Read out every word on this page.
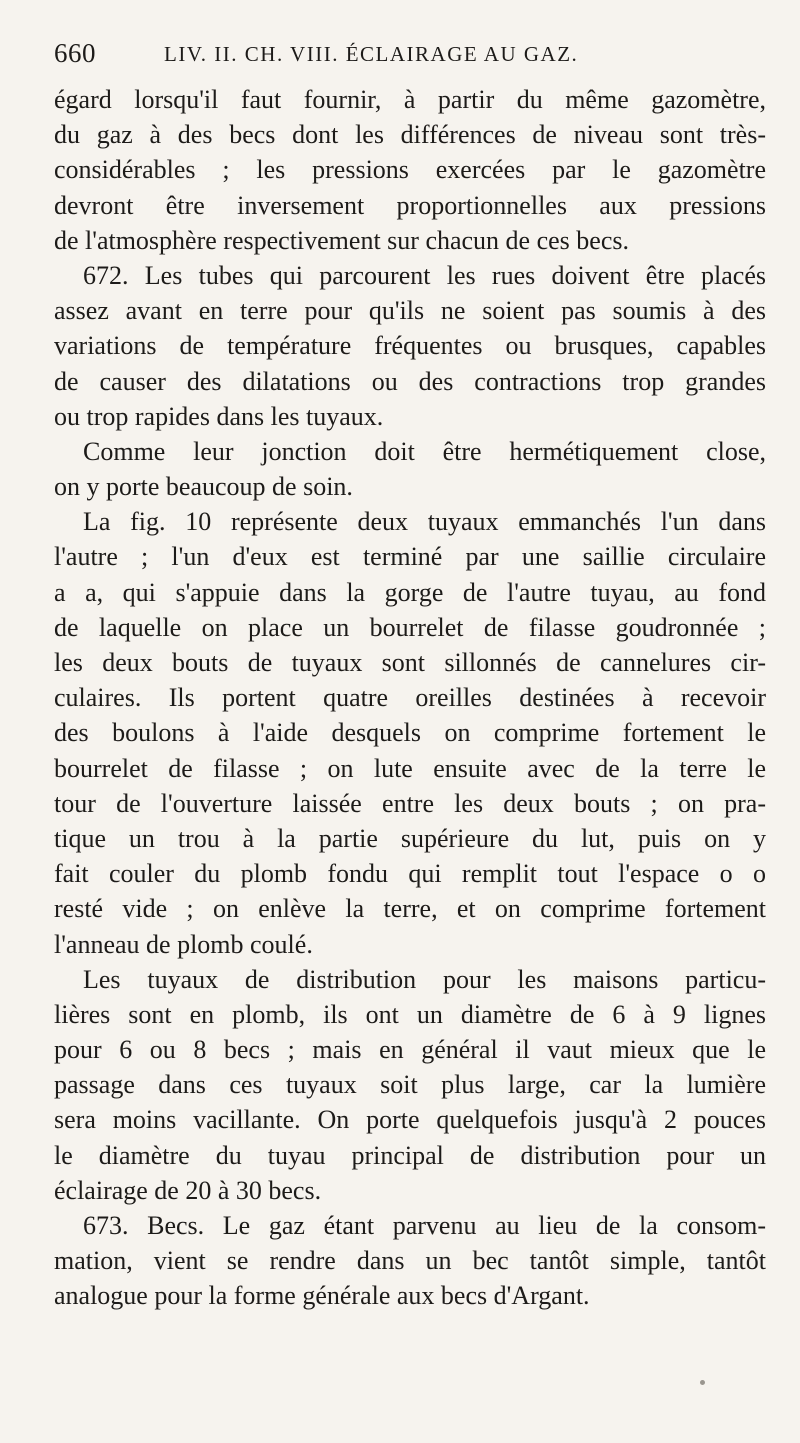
660	LIV. II. CH. VIII. ÉCLAIRAGE AU GAZ.
égard lorsqu'il faut fournir, à partir du même gazomètre,
du gaz à des becs dont les différences de niveau sont très-
considérables ; les pressions exercées par le gazomètre
devront être inversement proportionnelles aux pressions
de l'atmosphère respectivement sur chacun de ces becs.
672. Les tubes qui parcourent les rues doivent être placés
assez avant en terre pour qu'ils ne soient pas soumis à des
variations de température fréquentes ou brusques, capables
de causer des dilatations ou des contractions trop grandes
ou trop rapides dans les tuyaux.
Comme leur jonction doit être hermétiquement close,
on y porte beaucoup de soin.
La fig. 10 représente deux tuyaux emmanchés l'un dans
l'autre ; l'un d'eux est terminé par une saillie circulaire
a a, qui s'appuie dans la gorge de l'autre tuyau, au fond
de laquelle on place un bourrelet de filasse goudronnée ;
les deux bouts de tuyaux sont sillonnés de cannelures cir-
culaires. Ils portent quatre oreilles destinées à recevoir
des boulons à l'aide desquels on comprime fortement le
bourrelet de filasse ; on lute ensuite avec de la terre le
tour de l'ouverture laissée entre les deux bouts ; on pra-
tique un trou à la partie supérieure du lut, puis on y
fait couler du plomb fondu qui remplit tout l'espace o o
resté vide ; on enlève la terre, et on comprime fortement
l'anneau de plomb coulé.
Les tuyaux de distribution pour les maisons particu-
lières sont en plomb, ils ont un diamètre de 6 à 9 lignes
pour 6 ou 8 becs ; mais en général il vaut mieux que le
passage dans ces tuyaux soit plus large, car la lumière
sera moins vacillante. On porte quelquefois jusqu'à 2 pouces
le diamètre du tuyau principal de distribution pour un
éclairage de 20 à 30 becs.
673. Becs. Le gaz étant parvenu au lieu de la consom-
mation, vient se rendre dans un bec tantôt simple, tantôt
analogue pour la forme générale aux becs d'Argant.
